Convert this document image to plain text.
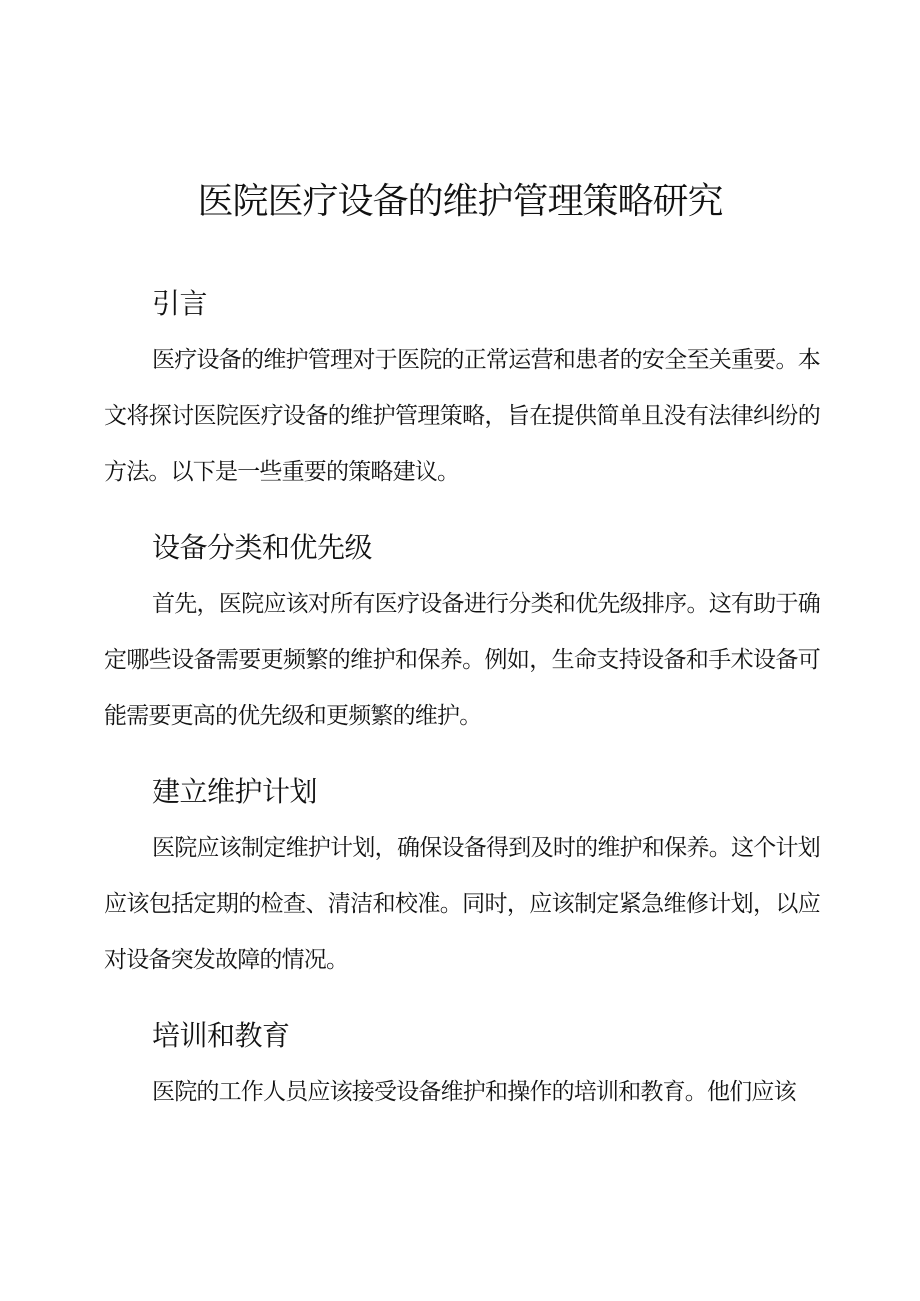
医院医疗设备的维护管理策略研究
引言

医疗设备的维护管理对于医院的正常运营和患者的安全至关重要。本文将探讨医院医疗设备的维护管理策略，旨在提供简单且没有法律纠纷的方法。以下是一些重要的策略建议。

设备分类和优先级

首先，医院应该对所有医疗设备进行分类和优先级排序。这有助于确定哪些设备需要更频繁的维护和保养。例如，生命支持设备和手术设备可能需要更高的优先级和更频繁的维护。

建立维护计划

医院应该制定维护计划，确保设备得到及时的维护和保养。这个计划应该包括定期的检查、清洁和校准。同时，应该制定紧急维修计划，以应对设备突发故障的情况。

培训和教育

医院的工作人员应该接受设备维护和操作的培训和教育。他们应该
